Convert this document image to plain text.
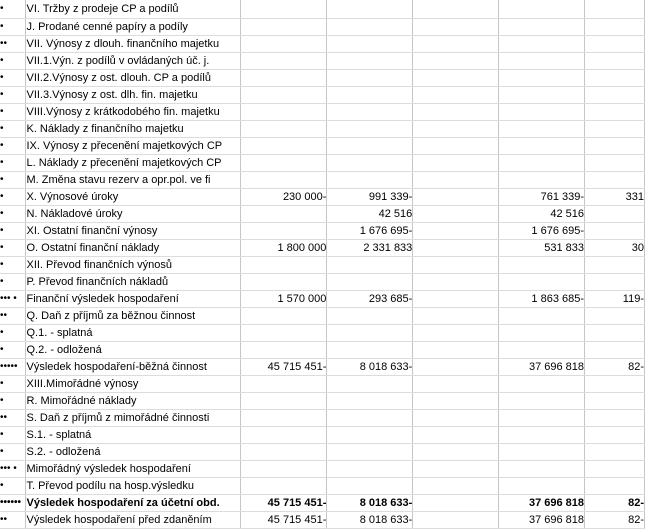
•	VI. Tržby z prodeje CP a podílů					
•	J. Prodané cenné papíry a podíly					
••	VII. Výnosy z dlouh. finančního majetku					
•	VII.1.Výn. z podílů v ovládaných úč. j.					
•	VII.2.Výnosy z ost. dlouh. CP a podílů					
•	VII.3.Výnosy z ost. dlh. fin. majetku					
•	VIII.Výnosy z krátkodobého fin. majetku					
•	K. Náklady z finančního majetku					
•	IX. Výnosy z přecenění majetkových CP					
•	L. Náklady z přecenění majetkových CP					
•	M. Změna stavu rezerv a opr.pol. ve fi					
•	X. Výnosové úroky	230 000-	991 339-		761 339-	331
•	N. Nákladové úroky		42 516		42 516	
•	XI. Ostatní finanční výnosy		1 676 695-		1 676 695-	
•	O. Ostatní finanční náklady	1 800 000	2 331 833		531 833	30
•	XII. Převod finančních výnosů					
•	P. Převod finančních nákladů					
••• •	Finanční výsledek hospodaření	1 570 000	293 685-		1 863 685-	119-
••	Q. Daň z příjmů za běžnou činnost					
•	Q.1. - splatná					
•	Q.2. - odložená					
•••••	Výsledek hospodaření-běžná činnost	45 715 451-	8 018 633-		37 696 818	82-
•	XIII.Mimořádné výnosy					
•	R. Mimořádné náklady					
••	S. Daň z příjmů z mimořádné činnosti					
•	S.1. - splatná					
•	S.2. - odložená					
••• •	Mimořádný výsledek hospodaření					
•	T. Převod podílu na hosp.výsledku					
••••••	Výsledek hospodaření za účetní obd.	45 715 451-	8 018 633-		37 696 818	82-
••	Výsledek hospodaření před zdaněním	45 715 451-	8 018 633-		37 696 818	82-
